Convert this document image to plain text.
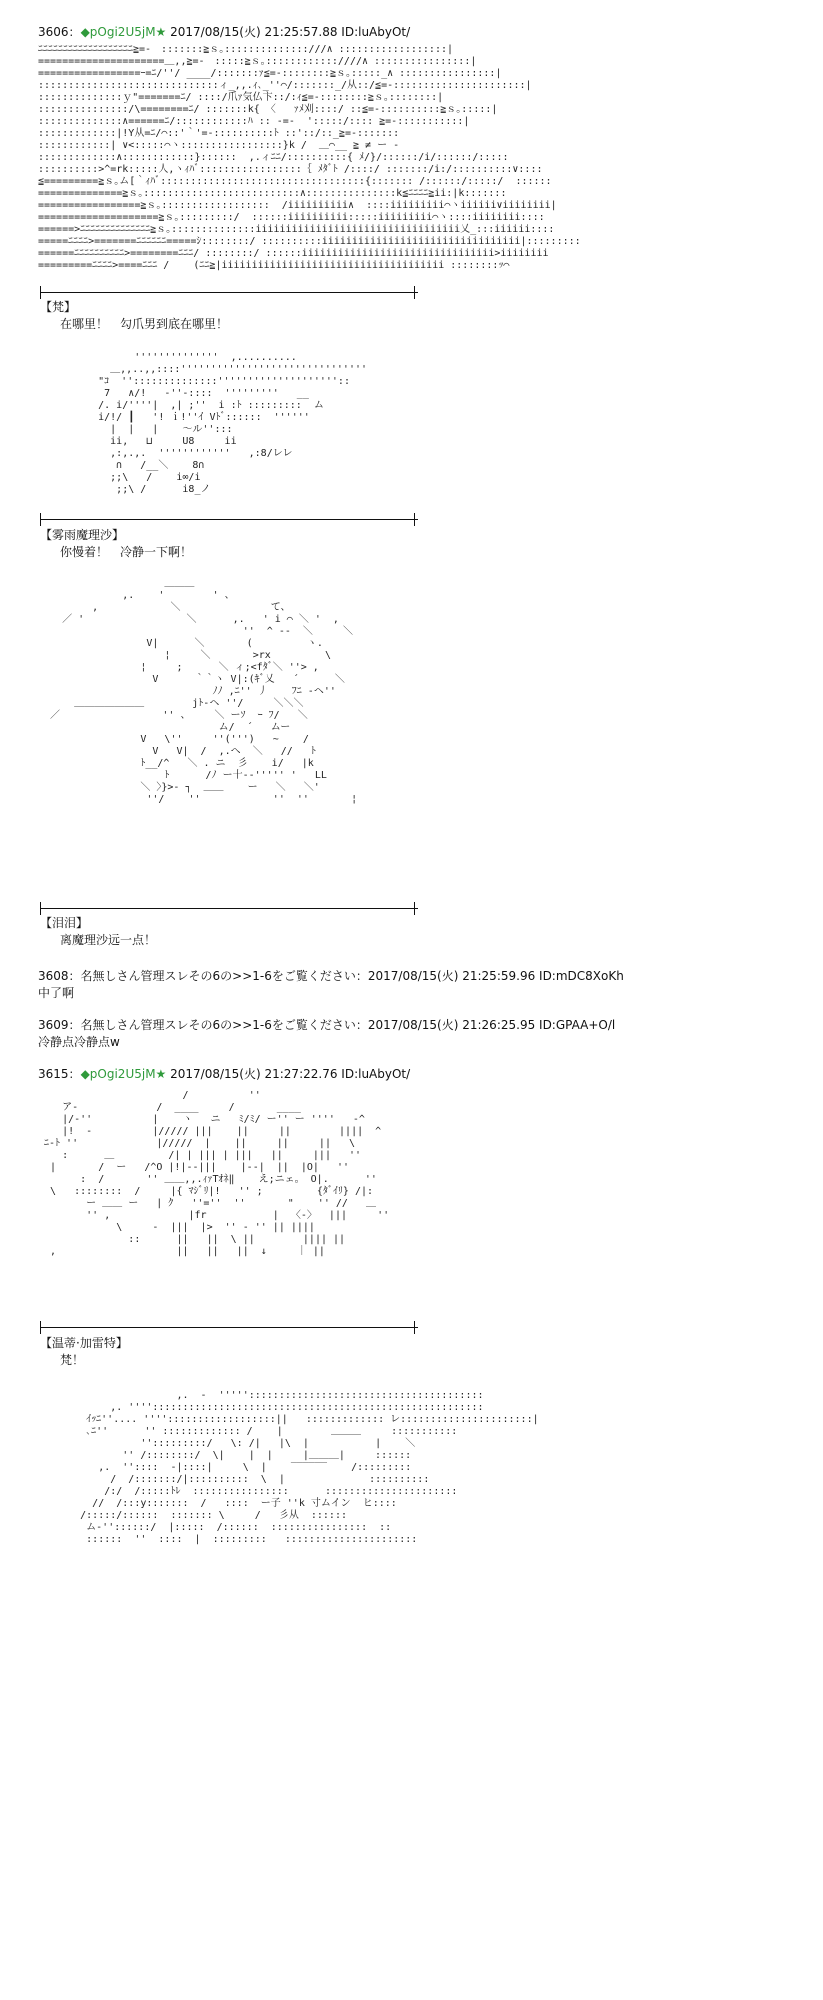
3606：◆pOgi2U5jM★ 2017/08/15(火) 21:25:57.88 ID:luAbyOt/
ﾆﾆﾆﾆﾆﾆﾆﾆﾆﾆﾆﾆﾆﾆﾆﾆﾆﾆﾆ≧=-　:::::::≧ｓ｡::::::::::::::///∧ ::::::::::::::::::|
=====================＿,,≧=-　:::::≧ｓ｡::::::::::::////∧ ::::::::::::::::|
=================ｰ=ﾆ/''/ ____/:::::::ｧ≦=-::::::::≧ｓ｡:::::_∧ ::::::::::::::::|
::::::::::::::::::::::::::::::ィ_,,.ｨ､_''⌒/:::::::_/从::/≦=-::::::::::::::::::::::|
::::::::::::::ｙ"=======ﾆ/ ::::/爪ｧ気仏卞::/:ｨ≦=-::::::::≧ｓ｡::::::::|
:::::::::::::::/\========ﾆ/ :::::::k{ 〈   ｧﾒ刈::::/ ::≦=-::::::::::≧ｓ｡:::::|
::::::::::::::∧======ﾆ/::::::::::::ﾊ :: -=-  ':::::/:::: ≧=-:::::::::::|
:::::::::::::|!Y从=ﾆ/⌒::'｀'=-::::::::::ﾄ ::'::/::_≧=-:::::::
::::::::::::| ∨<:::::⌒ヽ:::::::::::::::::}k /  ＿⌒__ ≧ ≠ ー -
:::::::::::::∧::::::::::::}::::::  ,.ィﾆﾆ/::::::::::{ ﾒ/}/::::::/i/::::::/:::::
::::::::::>^=rk:::::人,ヽｨﾊﾞ:::::::::::::::::｛ ﾒﾀﾞﾄ /::::/ :::::::/i:/::::::::::∨::::
≦=========≧ｓ｡ム[｀ｨﾊﾞ::::::::::::::::::::::::::::::::::{::::::: /::::::/:::::/  ::::::
==============≧ｓ｡::::::::::::::::::::::::::∧:::::::::::::::k≦ﾆﾆﾆﾆ≧ii:|k:::::::
=================≧ｓ｡::::::::::::::::::  /iiiiiiiiii∧  ::::iiiiiiiii⌒ヽiiiiii∨iiiiiiii|
====================≧ｓ｡:::::::::/  ::::::iiiiiiiiii:::::iiiiiiiii⌒ヽ::::iiiiiiii::::
======>ﾆﾆﾆﾆﾆﾆﾆﾆﾆﾆﾆﾆﾆﾆ≧ｓ｡::::::::::::::iiiiiiiiiiiiiiiiiiiiiiiiiiiiiiiiii乂_:::iiiiii::::
=====ﾆﾆﾆﾆ>=======ﾆﾆﾆﾆﾆﾆ=====ｼ::::::::/ ::::::::::iiiiiiiiiiiiiiiiiiiiiiiiiiiiiiiii|:::::::::
======ﾆﾆﾆﾆﾆﾆﾆﾆﾆﾆ>========ﾆﾆﾆ/ ::::::::/ ::::::iiiiiiiiiiiiiiiiiiiiiiiiiiiiiiii>iiiiiiii
=========ﾆﾆﾆﾆ>====ﾆﾆﾆ /    (ﾆﾆ≧|iiiiiiiiiiiiiiiiiiiiiiiiiiiiiiiiiiiii ::::::::ｯ⌒
【梵】
在哪里！　勾爪男到底在哪里！
''''''''''''''  ,..........
＿,,..,,::::'''''''''''''''''''''''''''''''
"ｺ  ''::::::::::::::''''''''''''''''''''::
7   ∧/!   -''-::::  '''''''''   __
/. i/''''|  ,| ;''  i :ﾄ :::::::::  ム
i/!/ ┃   '! ｉ!''ｲ Vﾄﾞ::::::  ''''''
|  |   |    ～ル'':::
ii,   ⊔     U8     ii
,:,.,.  ''''''''''''   ,:8/レレ
∩   /__＼    8∩
;;\   /    i∞/i
;;\ /      i8_ノ
【雾雨魔理沙】
你慢着！　冷静一下啊！
＿＿＿
,.    '        ' 、
,            ＼               て、
／ '                 ＼      ,.   ' i ⌒ ＼ '  ,
''  ^ --  ＼     ＼
V|      ＼       (         ヽ.
¦     ＼       >rx         \
¦     ;      ＼ ィ;<fﾀﾞ＼ ''> ,
V      ｀｀ヽ V|:(ｷﾞ乂   ´      ＼
ﾉﾉ ,ﾆ'' 丿    ﾌﾆ -ヘ''
＿＿＿＿＿＿＿        jﾄ-ヘ ''/     ＼＼＼
／                 '' 、    ＼ ーｿ  ｰ ﾌ/   ＼
ム/  ´   ムー
V   \''     ''(''')   ~    /
V   V|  /  ,.へ  ＼   //   ﾄ
ﾄ__/^   ＼ . ニ  彡    i/   |k
ﾄ      /ﾉ ー十--''''' '   LL
＼ 〉}>- ┐  ＿＿    ー   ＼   ＼'
''/    ''            ''  ''       ¦
【泪泪】
离魔理沙远一点！
3608：名無しさん管理スレその6の>>1-6をご覧ください：2017/08/15(火) 21:25:59.96 ID:mDC8XoKh
中了啊
3609：名無しさん管理スレその6の>>1-6をご覧ください：2017/08/15(火) 21:26:25.95 ID:GPAA+O/l
冷静点冷静点w
3615：◆pOgi2U5jM★ 2017/08/15(火) 21:27:22.76 ID:luAbyOt/
/          ''
ア-             /  ____     /       ____
|/-''          |    ヽ   ニ   ﾐ/ﾐ/ ー'' ー ''''   -^
|!  -          |///// |||    ||     ||        ||||  ^
ﾆ-ﾄ ''             |/////  |    ||     ||     ||   \
:      ＿         /| | ||| | |||   ||     |||   ''
|       /  ー   /^O |!|--|||    |--|  ||  |O|   ''
:  /       '' ＿＿,,.ｨｧTｵﾈ‖    え;ニェ。 O|.      ''
\   ::::::::  /     |{ ﾏｼﾞﾘ|!   '' ;         {ﾀﾞｲﾘ} /|:
ー ＿＿ ー   | ｸ   ''=''  ''       "    '' //   ＿
'' ,             |fr           |  〈‐〉  |||     ''
\     -  |||  |>  '' ‐ '' || ||||
::      ||   ||  \ ||        |||| ||
,                    ||   ||   ||  ↓     ｜ ||
【温蒂·加雷特】
梵！
,.  -  ''''':::::::::::::::::::::::::::::::::::::::
,. '''':::::::::::::::::::::::::::::::::::::::::::::::::::::::
ｲｯﾆ''.... ''''::::::::::::::::::||   ::::::::::::: レ::::::::::::::::::::::|
､ﾆ''      '' ::::::::::::: /    |        ＿＿＿     :::::::::::
'':::::::::/   \: /|   |\  |           |    ＼
'' /::::::::/  \|    |  |     |＿＿＿|     ::::::
,.  ''::::  -|::::|     \  |    ‾‾‾‾‾‾    /:::::::::
/  /:::::::/|::::::::::  \  |              ::::::::::
/:/  /:::::ﾄﾚ  ::::::::::::::::      ::::::::::::::::::::::
//  /:::y:::::::  /   ::::  ー子 ''k 寸ムイン  ヒ::::
/:::::/::::::  ::::::: \     /   彡从  ::::::
ム-''::::::/  |:::::  /::::::  ::::::::::::::::  ::
::::::  ''  ::::  |  :::::::::   ::::::::::::::::::::::
